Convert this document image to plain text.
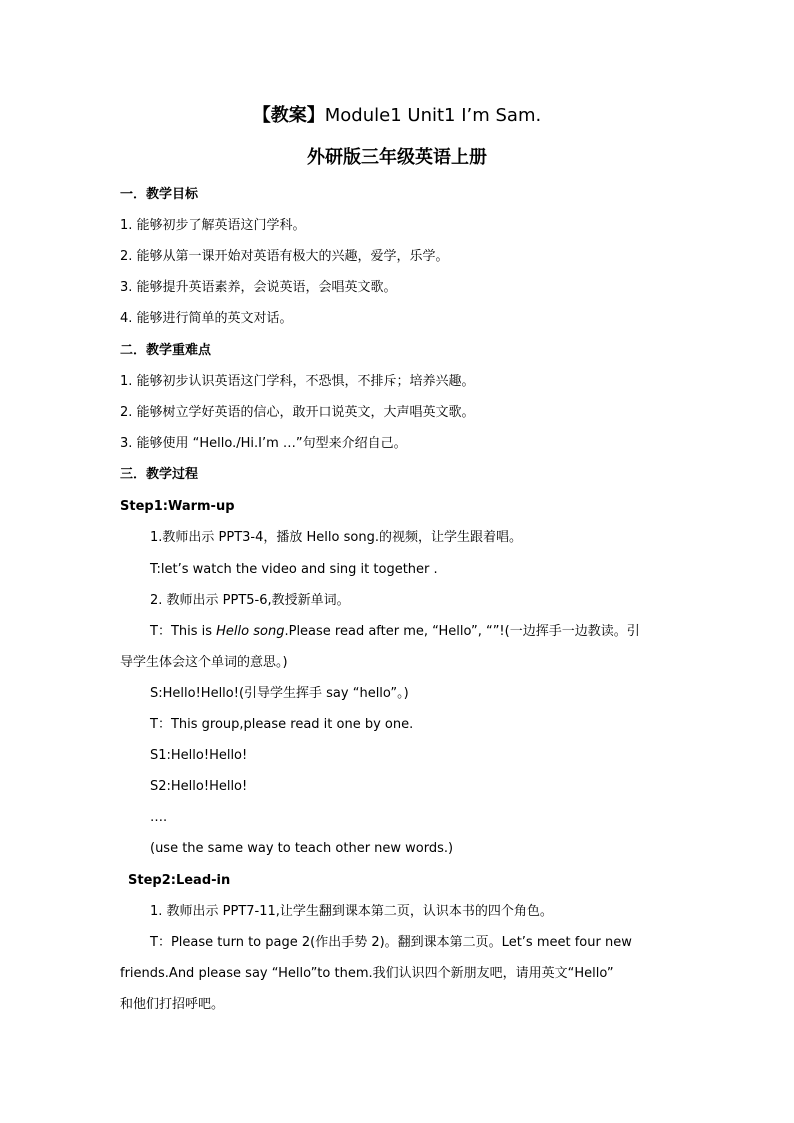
【教案】Module1 Unit1 I’m Sam.
外研版三年级英语上册
一．教学目标
1. 能够初步了解英语这门学科。
2. 能够从第一课开始对英语有极大的兴趣，爱学，乐学。
3. 能够提升英语素养，会说英语，会唱英文歌。
4. 能够进行简单的英文对话。
二．教学重难点
1. 能够初步认识英语这门学科，不恐惧，不排斥；培养兴趣。
2. 能够树立学好英语的信心，敢开口说英文，大声唱英文歌。
3. 能够使用 “Hello./Hi.I’m …”句型来介绍自己。
三．教学过程
Step1:Warm-up
1.教师出示 PPT3-4，播放 Hello song.的视频，让学生跟着唱。
T:let’s watch the video and sing it together .
2. 教师出示 PPT5-6,教授新单词。
T：This is Hello song.Please read after me, “Hello”, “”!(一边挥手一边教读。引
导学生体会这个单词的意思。)
S:Hello!Hello!(引导学生挥手 say “hello”。)
T：This group,please read it one by one.
S1:Hello!Hello!
S2:Hello!Hello!
….
(use the same way to teach other new words.)
Step2:Lead-in
1. 教师出示 PPT7-11,让学生翻到课本第二页，认识本书的四个角色。
T：Please turn to page 2(作出手势 2)。翻到课本第二页。Let’s meet four new
friends.And please say “Hello”to them.我们认识四个新朋友吧，请用英文“Hello”
和他们打招呼吧。
